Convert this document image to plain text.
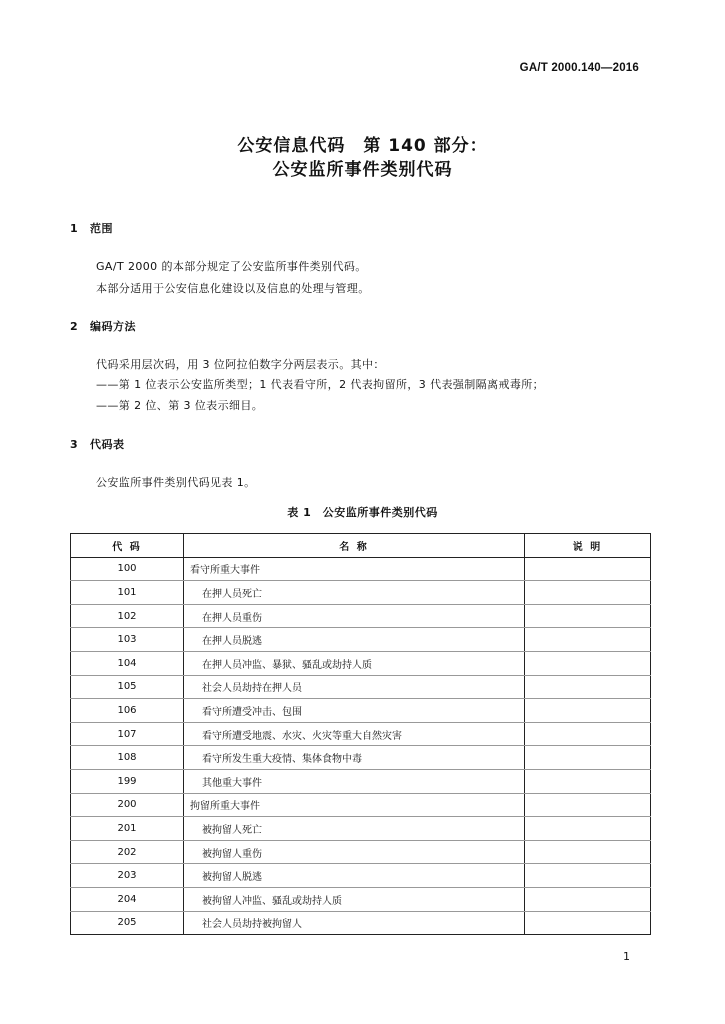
GA/T 2000.140—2016
公安信息代码　第 140 部分：
公安监所事件类别代码
1 范围
GA/T 2000 的本部分规定了公安监所事件类别代码。
本部分适用于公安信息化建设以及信息的处理与管理。
2 编码方法
代码采用层次码，用 3 位阿拉伯数字分两层表示。其中：
——第 1 位表示公安监所类型；1 代表看守所，2 代表拘留所，3 代表强制隔离戒毒所；
——第 2 位、第 3 位表示细目。
3 代码表
公安监所事件类别代码见表 1。
表 1　公安监所事件类别代码
代 码	名 称	说 明
100	看守所重大事件	
101	在押人员死亡	
102	在押人员重伤	
103	在押人员脱逃	
104	在押人员冲监、暴狱、骚乱或劫持人质	
105	社会人员劫持在押人员	
106	看守所遭受冲击、包围	
107	看守所遭受地震、水灾、火灾等重大自然灾害	
108	看守所发生重大疫情、集体食物中毒	
199	其他重大事件	
200	拘留所重大事件	
201	被拘留人死亡	
202	被拘留人重伤	
203	被拘留人脱逃	
204	被拘留人冲监、骚乱或劫持人质	
205	社会人员劫持被拘留人	
1
